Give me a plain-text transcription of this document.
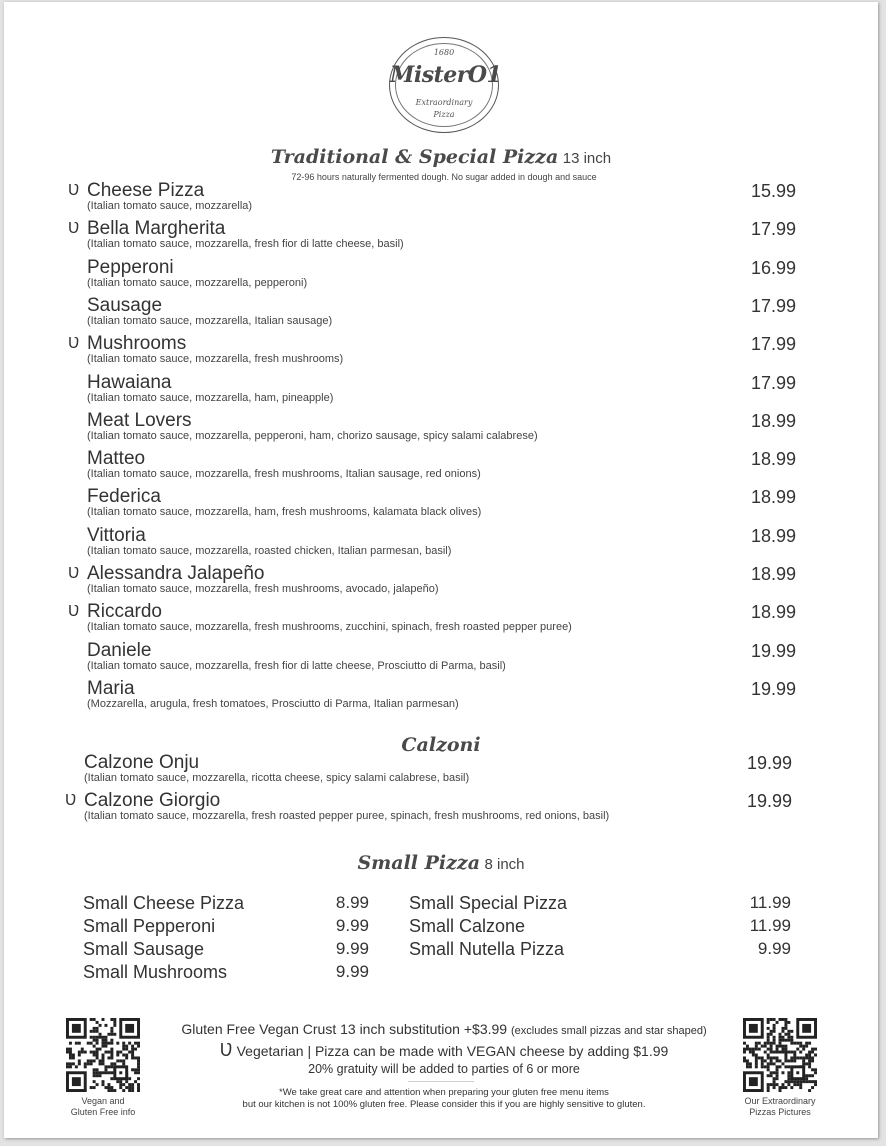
1680
MisterO1
Extraordinary
Pizza
Traditional & Special Pizza 13 inch
72-96 hours naturally fermented dough. No sugar added in dough and sauce
Ʋ Cheese Pizza
(Italian tomato sauce, mozzarella)
15.99
Ʋ Bella Margherita
(Italian tomato sauce, mozzarella, fresh fior di latte cheese, basil)
17.99
Pepperoni
(Italian tomato sauce, mozzarella, pepperoni)
16.99
Sausage
(Italian tomato sauce, mozzarella, Italian sausage)
17.99
Ʋ Mushrooms
(Italian tomato sauce, mozzarella, fresh mushrooms)
17.99
Hawaiana
(Italian tomato sauce, mozzarella, ham, pineapple)
17.99
Meat Lovers
(Italian tomato sauce, mozzarella, pepperoni, ham, chorizo sausage, spicy salami calabrese)
18.99
Matteo
(Italian tomato sauce, mozzarella, fresh mushrooms, Italian sausage, red onions)
18.99
Federica
(Italian tomato sauce, mozzarella, ham, fresh mushrooms, kalamata black olives)
18.99
Vittoria
(Italian tomato sauce, mozzarella, roasted chicken, Italian parmesan, basil)
18.99
Ʋ Alessandra Jalapeño
(Italian tomato sauce, mozzarella, fresh mushrooms, avocado, jalapeño)
18.99
Ʋ Riccardo
(Italian tomato sauce, mozzarella, fresh mushrooms, zucchini, spinach, fresh roasted pepper puree)
18.99
Daniele
(Italian tomato sauce, mozzarella, fresh fior di latte cheese, Prosciutto di Parma, basil)
19.99
Maria
(Mozzarella, arugula, fresh tomatoes, Prosciutto di Parma, Italian parmesan)
19.99
Calzoni
Calzone Onju
(Italian tomato sauce, mozzarella, ricotta cheese, spicy salami calabrese, basil)
19.99
Ʋ Calzone Giorgio
(Italian tomato sauce, mozzarella, fresh roasted pepper puree, spinach, fresh mushrooms, red onions, basil)
19.99
Small Pizza 8 inch
Small Cheese Pizza	8.99
Small Pepperoni	9.99
Small Sausage	9.99
Small Mushrooms	9.99
Small Special Pizza	11.99
Small Calzone	11.99
Small Nutella Pizza	9.99
Vegan and
Gluten Free info
Our Extraordinary
Pizzas Pictures
Gluten Free Vegan Crust 13 inch substitution +$3.99 (excludes small pizzas and star shaped)
Ʋ Vegetarian | Pizza can be made with VEGAN cheese by adding $1.99
20% gratuity will be added to parties of 6 or more
*We take great care and attention when preparing your gluten free menu items
but our kitchen is not 100% gluten free. Please consider this if you are highly sensitive to gluten.
